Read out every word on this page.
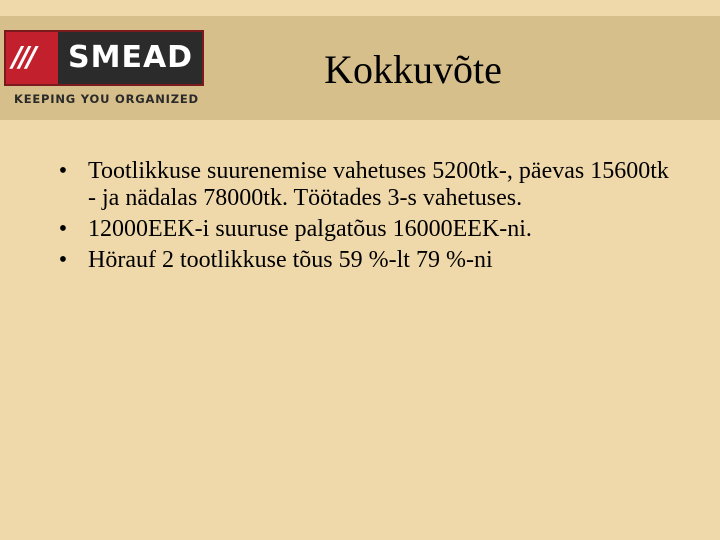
/// SMEAD
KEEPING YOU ORGANIZED
Kokkuvõte
• Tootlikkuse suurenemise vahetuses 5200tk-, päevas 15600tk - ja nädalas 78000tk. Töötades 3-s vahetuses.
• 12000EEK-i suuruse palgatõus 16000EEK-ni.
• Hörauf 2 tootlikkuse tõus 59 %-lt 79 %-ni
